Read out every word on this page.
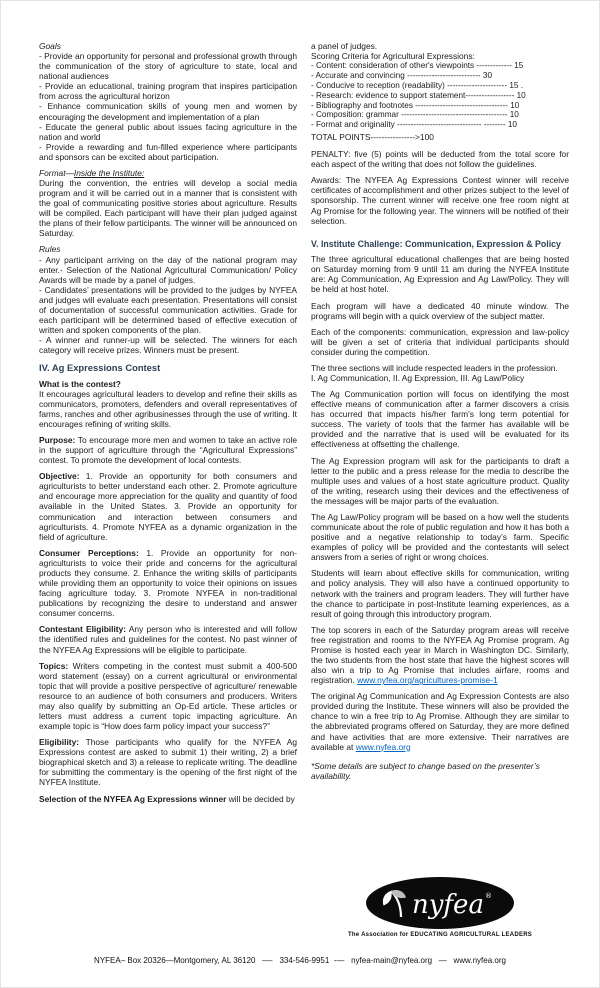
Goals
- Provide an opportunity for personal and professional growth through the communication of the story of agriculture to state, local and national audiences
- Provide an educational, training program that inspires participation from across the agricultural horizon
- Enhance communication skills of young men and women by encouraging the development and implementation of a plan
- Educate the general public about issues facing agriculture in the nation and world
- Provide a rewarding and fun-filled experience where participants and sponsors can be excited about participation.

Format—Inside the Institute:

During the convention, the entries will develop a social media program and it will be carried out in a manner that is consistent with the goal of communicating positive stories about agriculture. Results will be compiled. Each participant will have their plan judged against the plans of their fellow participants. The winner will be announced on Saturday.

Rules
- Any participant arriving on the day of the national program may enter.- Selection of the National Agricultural Communication/ Policy Awards will be made by a panel of judges.
- Candidates’ presentations will be provided to the judges by NYFEA and judges will evaluate each presentation. Presentations will consist of documentation of successful communication activities. Grade for each participant will be determined based of effective execution of written and spoken components of the plan.
- A winner and runner-up will be selected. The winners for each category will receive prizes. Winners must be present.
IV. Ag Expressions Contest
What is the contest?

It encourages agricultural leaders to develop and refine their skills as communicators, promoters, defenders and overall representatives of farms, ranches and other agribusinesses through the use of writing. It encourages refining of writing skills.

Purpose: To encourage more men and women to take an active role in the support of agriculture through the “Agricultural Expressions” contest. To promote the development of local contests.

Objective: 1. Provide an opportunity for both consumers and agriculturists to better understand each other. 2. Promote agriculture and encourage more appreciation for the quality and quantity of food available in the United States. 3. Provide an opportunity for communication and interaction between consumers and agriculturists. 4. Promote NYFEA as a dynamic organization in the field of agriculture.

Consumer Perceptions: 1. Provide an opportunity for non-agriculturists to voice their pride and concerns for the agricultural products they consume. 2. Enhance the writing skills of participants while providing them an opportunity to voice their opinions on issues facing agriculture today. 3. Promote NYFEA in non-traditional publications by recognizing the desire to understand and answer consumer concerns.

Contestant Eligibility: Any person who is interested and will follow the identified rules and guidelines for the contest. No past winner of the NYFEA Ag Expressions will be eligible to participate.

Topics: Writers competing in the contest must submit a 400-500 word statement (essay) on a current agricultural or environmental topic that will provide a positive perspective of agriculture/ renewable resource to an audience of both consumers and producers. Writers may also qualify by submitting an Op-Ed article. These articles or letters must address a current topic impacting agriculture. An example topic is “How does farm policy impact your success?”

Eligibility: Those participants who qualify for the NYFEA Ag Expressions contest are asked to submit 1) their writing, 2) a brief biographical sketch and 3) a release to replicate writing. The deadline for submitting the commentary is the opening of the first night of the NYFEA Institute.

Selection of the NYFEA Ag Expressions winner will be decided by

a panel of judges.

Scoring Criteria for Agricultural Expressions:
- Content: consideration of other's viewpoints ------------- 15
- Accurate and convincing --------------------------- 30
- Conducive to reception (readability) ---------------------- 15 .
- Research: evidence to support statement------------------ 10
- Bibliography and footnotes ---------------------------------- 10
- Composition: grammar --------------------------------------- 10
- Format and originality ------------------------------- -------- 10
TOTAL POINTS---------------->100

PENALTY: five (5) points will be deducted from the total score for each aspect of the writing that does not follow the guidelines.

Awards: The NYFEA Ag Expressions Contest winner will receive certificates of accomplishment and other prizes subject to the level of sponsorship. The current winner will receive one free room night at Ag Promise for the following year. The winners will be notified of their selection.

V. Institute Challenge: Communication, Expression & Policy

The three agricultural educational challenges that are being hosted on Saturday morning from 9 until 11 am during the NYFEA Institute are: Ag Communication, Ag Expression and Ag Law/Policy. They will be held at host hotel.

Each program will have a dedicated 40 minute window. The programs will begin with a quick overview of the subject matter.

Each of the components: communication, expression and law-policy will be given a set of criteria that individual participants should consider during the competition.

The three sections will include respected leaders in the profession.

I. Ag Communication, II. Ag Expression, III. Ag Law/Policy

The Ag Communication portion will focus on identifying the most effective means of communication after a farmer discovers a crisis has occurred that impacts his/her farm’s long term potential for success. The variety of tools that the farmer has available will be provided and the narrative that is used will be evaluated for its effectiveness at offsetting the challenge.

The Ag Expression program will ask for the participants to draft a letter to the public and a press release for the media to describe the multiple uses and values of a host state agriculture product. Quality of the writing, research using their devices and the effectiveness of the messages will be major parts of the evaluation.

The Ag Law/Policy program will be based on a how well the students communicate about the role of public regulation and how it has both a positive and a negative relationship to today’s farm. Specific examples of policy will be provided and the contestants will select answers from a series of right or wrong choices.

Students will learn about effective skills for communication, writing and policy analysis. They will also have a continued opportunity to network with the trainers and program leaders. They will further have the chance to participate in post-Institute learning experiences, as a result of going through this introductory program.

The top scorers in each of the Saturday program areas will receive free registration and rooms to the NYFEA Ag Promise program. Ag Promise is hosted each year in March in Washington DC. Similarly, the two students from the host state that have the highest scores will also win a trip to Ag Promise that includes airfare, rooms and registration. www.nyfea.org/agricultures-promise-1

The original Ag Communication and Ag Expression Contests are also provided during the Institute. These winners will also be provided the chance to win a free trip to Ag Promise. Although they are similar to the abbreviated programs offered on Saturday, they are more defined and have activities that are more extensive. Their narratives are available at www.nyfea.org

*Some details are subject to change based on the presenter’s availability.

nyfea ®
The Association for EDUCATING AGRICULTURAL LEADERS
NYFEA– Box 20326—Montgomery, AL 36120   —-   334-546-9951  -—   nyfea-main@nyfea.org   —   www.nyfea.org
